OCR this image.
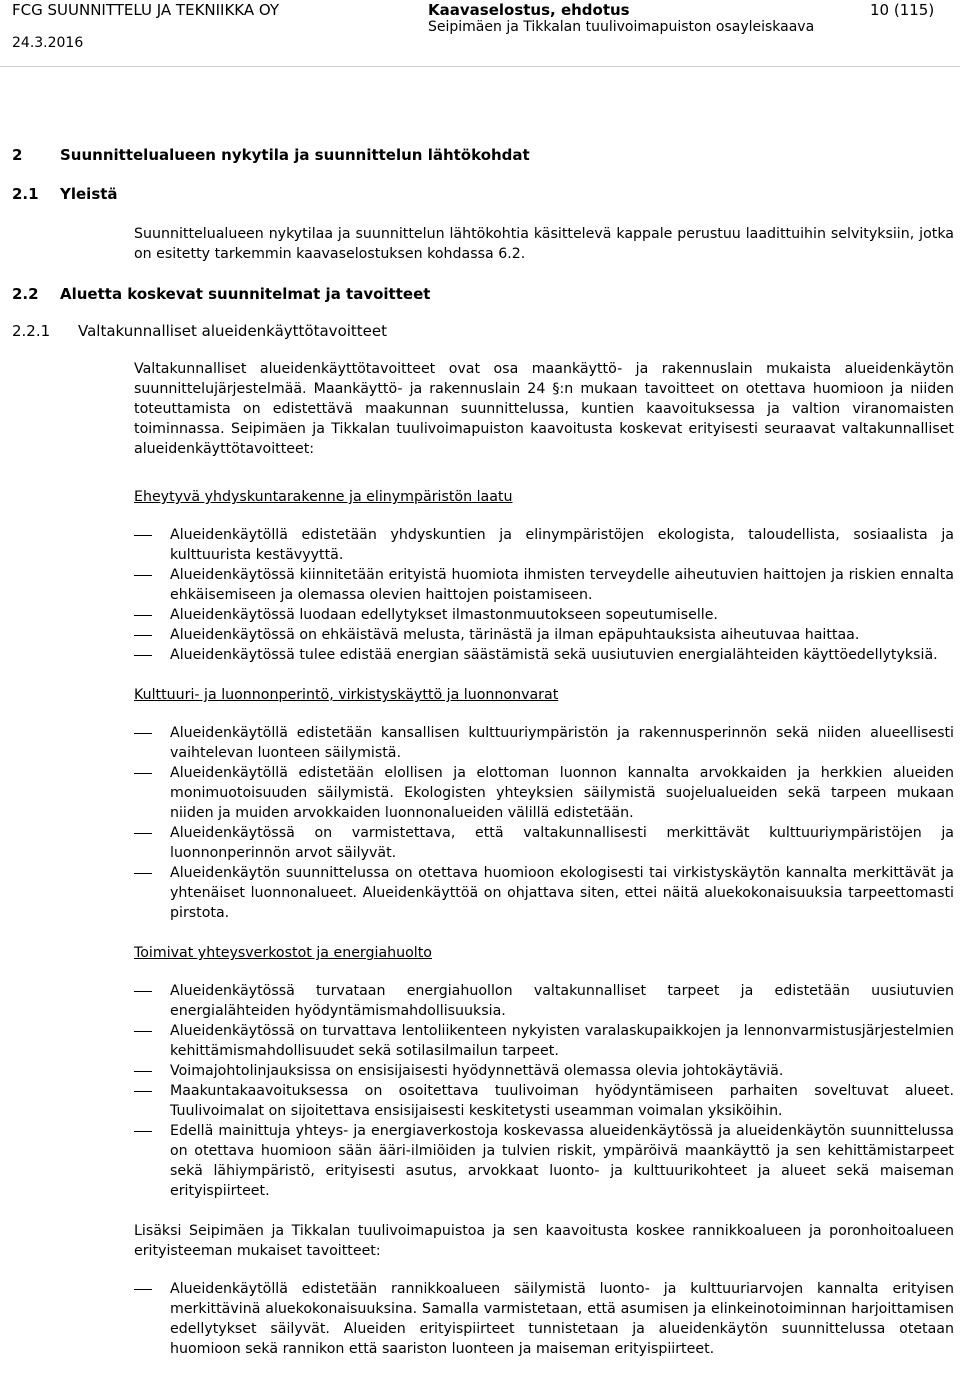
FCG SUUNNITTELU JA TEKNIIKKA OY
24.3.2016
Kaavaselostus, ehdotus
Seipimäen ja Tikkalan tuulivoimapuiston osayleiskaava
10 (115)
2	Suunnittelualueen nykytila ja suunnittelun lähtökohdat
2.1 Yleistä
2.2 Aluetta koskevat suunnitelmat ja tavoitteet
2.2.1 Valtakunnalliset alueidenkäyttötavoitteet

Suunnittelualueen nykytilaa ja suunnittelun lähtökohtia käsittelevä kappale perustuu laadittuihin selvityksiin, jotka on esitetty tarkemmin kaavaselostuksen kohdassa 6.2.

Valtakunnalliset alueidenkäyttötavoitteet ovat osa maankäyttö- ja rakennuslain mukaista alueidenkäytön suunnittelujärjestelmää. Maankäyttö- ja rakennuslain 24 §:n mukaan tavoitteet on otettava huomioon ja niiden toteuttamista on edistettävä maakunnan suunnittelussa, kuntien kaavoituksessa ja valtion viranomaisten toiminnassa. Seipimäen ja Tikkalan tuulivoimapuiston kaavoitusta koskevat erityisesti seuraavat valtakunnalliset alueidenkäyttötavoitteet:

Eheytyvä yhdyskuntarakenne ja elinympäristön laatu

Alueidenkäytöllä edistetään yhdyskuntien ja elinympäristöjen ekologista, taloudellista, sosiaalista ja kulttuurista kestävyyttä.
Alueidenkäytössä kiinnitetään erityistä huomiota ihmisten terveydelle aiheutuvien haittojen ja riskien ennalta ehkäisemiseen ja olemassa olevien haittojen poistamiseen.
Alueidenkäytössä luodaan edellytykset ilmastonmuutokseen sopeutumiselle.
Alueidenkäytössä on ehkäistävä melusta, tärinästä ja ilman epäpuhtauksista aiheutuvaa haittaa.
Alueidenkäytössä tulee edistää energian säästämistä sekä uusiutuvien energialähteiden käyttöedellytyksiä.

Kulttuuri- ja luonnonperintö, virkistyskäyttö ja luonnonvarat

Alueidenkäytöllä edistetään kansallisen kulttuuriympäristön ja rakennusperinnön sekä niiden alueellisesti vaihtelevan luonteen säilymistä.
Alueidenkäytöllä edistetään elollisen ja elottoman luonnon kannalta arvokkaiden ja herkkien alueiden monimuotoisuuden säilymistä. Ekologisten yhteyksien säilymistä suojelualueiden sekä tarpeen mukaan niiden ja muiden arvokkaiden luonnonalueiden välillä edistetään.
Alueidenkäytössä on varmistettava, että valtakunnallisesti merkittävät kulttuuriympäristöjen ja luonnonperinnön arvot säilyvät.
Alueidenkäytön suunnittelussa on otettava huomioon ekologisesti tai virkistyskäytön kannalta merkittävät ja yhtenäiset luonnonalueet. Alueidenkäyttöä on ohjattava siten, ettei näitä aluekokonaisuuksia tarpeettomasti pirstota.

Toimivat yhteysverkostot ja energiahuolto

Alueidenkäytössä turvataan energiahuollon valtakunnalliset tarpeet ja edistetään uusiutuvien energialähteiden hyödyntämismahdollisuuksia.
Alueidenkäytössä on turvattava lentoliikenteen nykyisten varalaskupaikkojen ja lennonvarmistusjärjestelmien kehittämismahdollisuudet sekä sotilasilmailun tarpeet.
Voimajohtolinjauksissa on ensisijaisesti hyödynnettävä olemassa olevia johtokäytäviä.
Maakuntakaavoituksessa on osoitettava tuulivoiman hyödyntämiseen parhaiten soveltuvat alueet. Tuulivoimalat on sijoitettava ensisijaisesti keskitetysti useamman voimalan yksiköihin.
Edellä mainittuja yhteys- ja energiaverkostoja koskevassa alueidenkäytössä ja alueidenkäytön suunnittelussa on otettava huomioon sään ääri-ilmiöiden ja tulvien riskit, ympäröivä maankäyttö ja sen kehittämistarpeet sekä lähiympäristö, erityisesti asutus, arvokkaat luonto- ja kulttuurikohteet ja alueet sekä maiseman erityispiirteet.

Lisäksi Seipimäen ja Tikkalan tuulivoimapuistoa ja sen kaavoitusta koskee rannikkoalueen ja poronhoitoalueen erityisteeman mukaiset tavoitteet:

Alueidenkäytöllä edistetään rannikkoalueen säilymistä luonto- ja kulttuuriarvojen kannalta erityisen merkittävinä aluekokonaisuuksina. Samalla varmistetaan, että asumisen ja elinkeinotoiminnan harjoittamisen edellytykset säilyvät. Alueiden erityispiirteet tunnistetaan ja alueidenkäytön suunnittelussa otetaan huomioon sekä rannikon että saariston luonteen ja maiseman erityispiirteet.
